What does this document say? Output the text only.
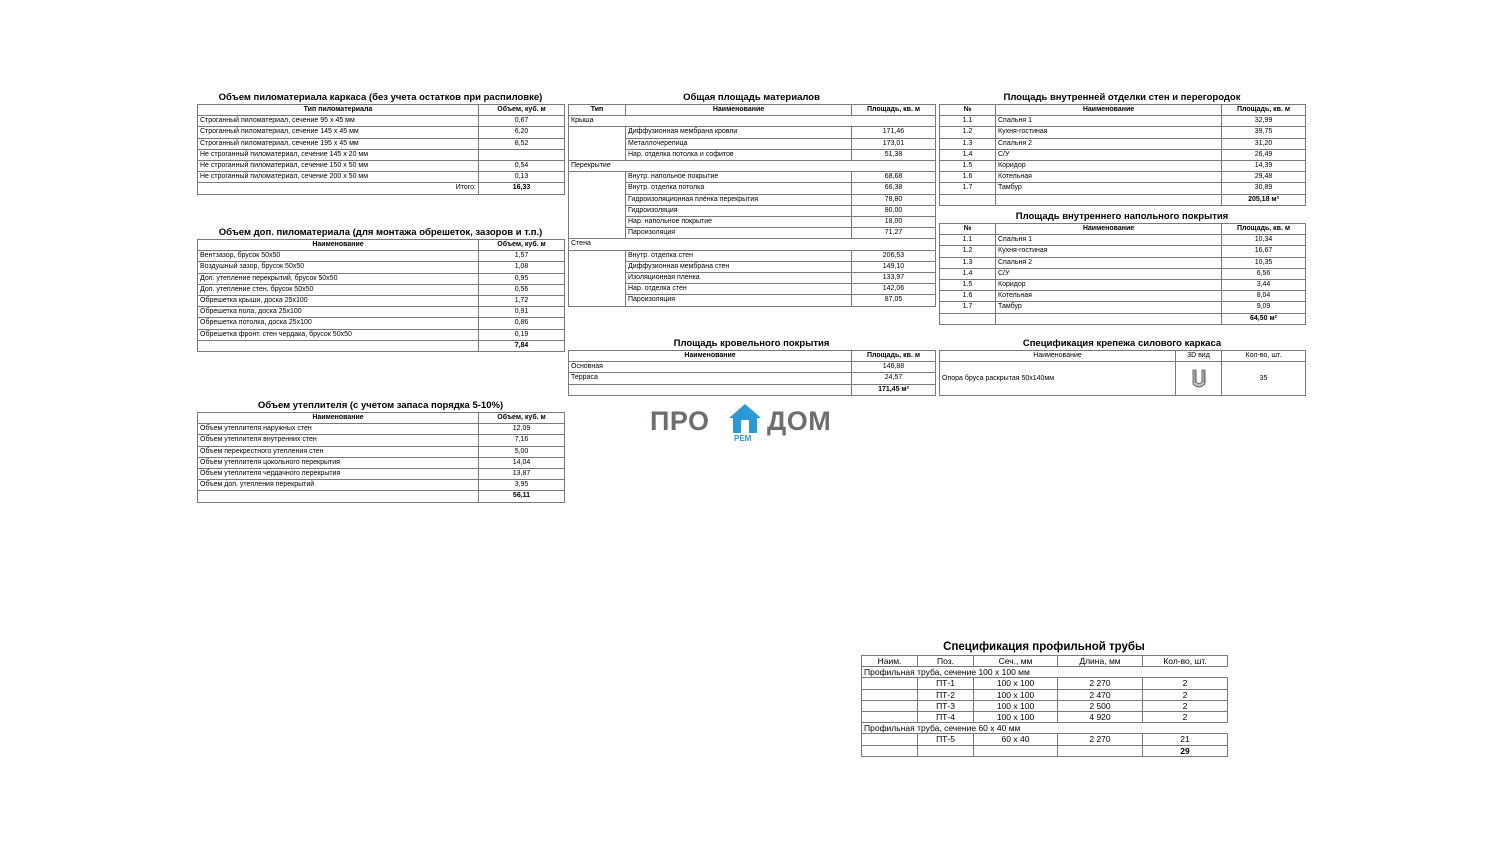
Объем пиломатериала каркаса (без учета остатков при распиловке)
Тип пиломатериала	Объем, куб. м
Строганный пиломатериал, сечение 95 х 45 мм	0,67
Строганный пиломатериал, сечение 145 х 45 мм	6,20
Строганный пиломатериал, сечение 195 х 45 мм	8,52
Не строганный пиломатериал, сечение 145 х 20 мм	
Не строганный пиломатериал, сечение 150 х 50 мм	0,54
Не строганный пиломатериал, сечение 200 х 50 мм	0,13
Итого:	16,33
Объем доп. пиломатериала (для монтажа обрешеток, зазоров и т.п.)
Наименование	Объем, куб. м
Вентзазор, брусок 50х50	1,57
Воздушный зазор, брусок 50х50	1,08
Доп. утепление перекрытий, брусок 50х50	0,95
Доп. утепление стен, брусок 50х50	0,56
Обрешетка крыши, доска 25х100	1,72
Обрешетка пола, доска 25х100	0,91
Обрешетка потолка, доска 25х100	0,86
Обрешетка фронт. стен чердака, брусок 50х50	0,19
	7,84
Объем утеплителя (с учетом запаса порядка 5-10%)
Наименование	Объем, куб. м
Объем утеплителя наружных стен	12,09
Объем утеплителя внутренних стен	7,16
Объем перекрестного утепления стен	5,00
Объем утеплителя цокольного перекрытия	14,04
Объем утеплителя чердачного перекрытия	13,87
Объем доп. утепления перекрытий	3,95
	56,11
Общая площадь материалов
Тип	Наименование	Площадь, кв. м
Крыша		
	Диффузионная мембрана кровли	171,46
	Металлочерепица	173,01
	Нар. отделка потолка и софитов	51,38
Перекрытие		
	Внутр. напольное покрытие	68,68
	Внутр. отделка потолка	66,38
	Гидроизоляционная плёнка перекрытия	78,80
	Гидроизоляция	80,00
	Нар. напольное покрытие	18,00
	Пароизоляция	71,27
Стена		
	Внутр. отделка стен	206,53
	Диффузионная мембрана стен	149,10
	Изоляционная пленка	133,97
	Нар. отделка стен	142,06
	Пароизоляция	87,05
Площадь кровельного покрытия
Наименование	Площадь, кв. м
Основная	146,88
Терраса	24,57
	171,45 м²
Площадь внутренней отделки стен и перегородок
№	Наименование	Площадь, кв. м
1.1	Спальня 1	32,99
1.2	Кухня-гостиная	39,75
1.3	Спальня 2	31,20
1.4	С/У	26,49
1.5	Коридор	14,39
1.6	Котельная	29,48
1.7	Тамбур	30,89
		205,18 м²
Площадь внутреннего напольного покрытия
№	Наименование	Площадь, кв. м
1.1	Спальня 1	10,34
1.2	Кухня-гостиная	16,67
1.3	Спальня 2	10,35
1.4	С/У	6,56
1.5	Коридор	3,44
1.6	Котельная	8,04
1.7	Тамбур	9,09
		64,50 м²
Спецификация крепежа силового каркаса
Наименование	3D вид	Кол-во, шт.
Опора бруса раскрытая 50х140мм		35
ПРО
РЕМ
ДОМ
Спецификация профильной трубы
Наим.	Поз.	Сеч., мм	Длина, мм	Кол-во, шт.
Профильная труба, сечение 100 х 100 мм				
	ПТ-1	100 х 100	2 270	2
	ПТ-2	100 х 100	2 470	2
	ПТ-3	100 х 100	2 500	2
	ПТ-4	100 х 100	4 920	2
Профильная труба, сечение 60 х 40 мм				
	ПТ-5	60 х 40	2 270	21
				29
